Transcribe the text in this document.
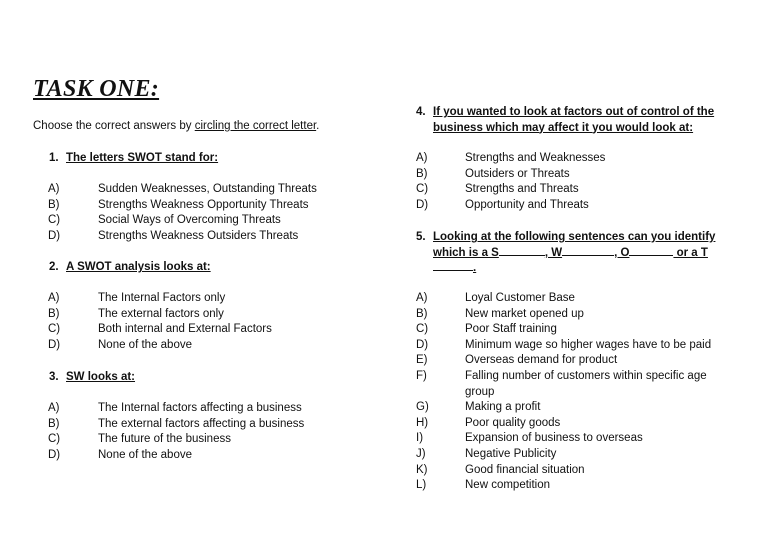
TASK ONE:
Choose the correct answers by circling the correct letter.
1. The letters SWOT stand for:
A)	Sudden Weaknesses, Outstanding Threats
B)	Strengths Weakness Opportunity Threats
C)	Social Ways of Overcoming Threats
D)	Strengths Weakness Outsiders Threats
2. A SWOT analysis looks at:
A)	The Internal Factors only
B)	The external factors only
C)	Both internal and External Factors
D)	None of the above
3. SW looks at:
A)	The Internal factors affecting a business
B)	The external factors affecting a business
C)	The future of the business
D)	None of the above
4. If you wanted to look at factors out of control of the business which may affect it you would look at:
A)	Strengths and Weaknesses
B)	Outsiders or Threats
C)	Strengths and Threats
D)	Opportunity and Threats
5. Looking at the following sentences can you identify which is a S	, W	, O	or a T.
A)	Loyal Customer Base
B)	New market opened up
C)	Poor Staff training
D)	Minimum wage so higher wages have to be paid
E)	Overseas demand for product
F)	Falling number of customers within specific age group
G)	Making a profit
H)	Poor quality goods
I)	Expansion of business to overseas
J)	Negative Publicity
K)	Good financial situation
L)	New competition
